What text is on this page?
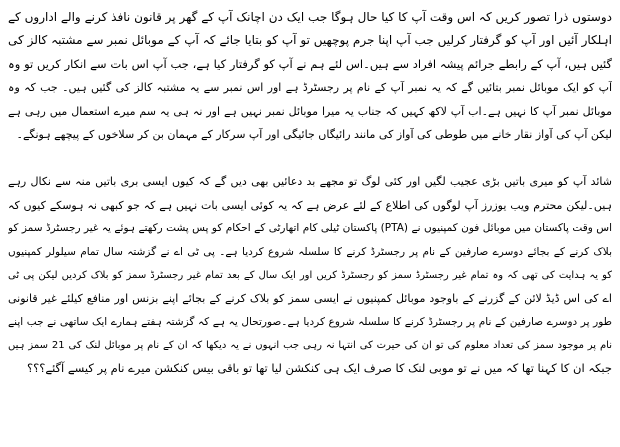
دوستوں ذرا تصور کریں کہ اس وقت آپ کا کیا حال ہوگا جب ایک دن اچانک آپ کے گھر پر قانون نافذ کرنے والے اداروں کے
اہلکار آئیں اور آپ کو گرفتار کرلیں جب آپ اپنا جرم پوچھیں تو آپ کو بتایا جائے کہ آپ کے موبائل نمبر سے مشتبہ کالز کی
گئیں ہیں، آپ کے رابطے جرائم پیشہ افراد سے ہیں۔اس لئے ہم نے آپ کو گرفتار کیا ہے، جب آپ اس بات سے انکار کریں تو وہ
آپ کو ایک موبائل نمبر بتائیں گے کہ یہ نمبر آپ کے نام پر رجسٹرڈ ہے اور اس نمبر سے یہ مشتبہ کالز کی گئیں ہیں۔ جب کہ وہ
موبائل نمبر آپ کا نہیں ہے۔اب آپ لاکھ کہیں کہ جناب یہ میرا موبائل نمبر نہیں ہے اور نہ ہی یہ سم میرے استعمال میں رہی ہے
لیکن آپ کی آواز نقار خانے میں طوطی کی آواز کی مانند رائیگاں جائیگی اور آپ سرکار کے مہمان بن کر سلاخوں کے پیچھے ہونگے۔
شائد آپ کو میری باتیں بڑی عجیب لگیں اور کئی لوگ تو مجھے بد دعائیں بھی دیں گے کہ کیوں ایسی بری باتیں منہ سے نکال رہے
ہیں۔لیکن محترم ویب یوزرز آپ لوگوں کی اطلاع کے لئے عرض ہے کہ یہ کوئی ایسی بات نہیں ہے کہ جو کبھی نہ ہوسکے کیوں کہ
اس وقت پاکستان میں موبائل فون کمپنیوں نے (PTA) پاکستان ٹیلی کام اتھارٹی کے احکام کو پس پشت رکھتے ہوئے یہ غیر رجسٹرڈ سمز کو
بلاک کرنے کے بجائے دوسرے صارفین کے نام پر رجسٹرڈ کرنے کا سلسلہ شروع کردیا ہے۔ پی ٹی اے نے گزشتہ سال تمام سیلولر کمپنیوں
کو یہ ہدایت کی تھی کہ وہ تمام غیر رجسٹرڈ سمز کو رجسٹرڈ کریں اور ایک سال کے بعد تمام غیر رجسٹرڈ سمز کو بلاک کردیں لیکن پی ٹی
اے کی اس ڈیڈ لائن کے گزرنے کے باوجود موبائل کمپنیوں نے ایسی سمز کو بلاک کرنے کے بجائے اپنے بزنس اور منافع کیلئے غیر قانونی
طور پر دوسرے صارفین کے نام پر رجسٹرڈ کرنے کا سلسلہ شروع کردیا ہے۔صورتحال یہ ہے کہ گزشتہ ہفتے ہمارے ایک ساتھی نے جب اپنے
نام پر موجود سمز کی تعداد معلوم کی تو ان کی حیرت کی انتہا نہ رہی جب انہوں نے یہ دیکھا کہ ان کے نام پر موبائل لنک کی 21 سمز ہیں
جبکہ ان کا کہنا تھا کہ میں نے تو موبی لنک کا صرف ایک ہی کنکشن لیا تھا تو باقی بیس کنکشن میرے نام پر کیسے آگئے؟؟؟
